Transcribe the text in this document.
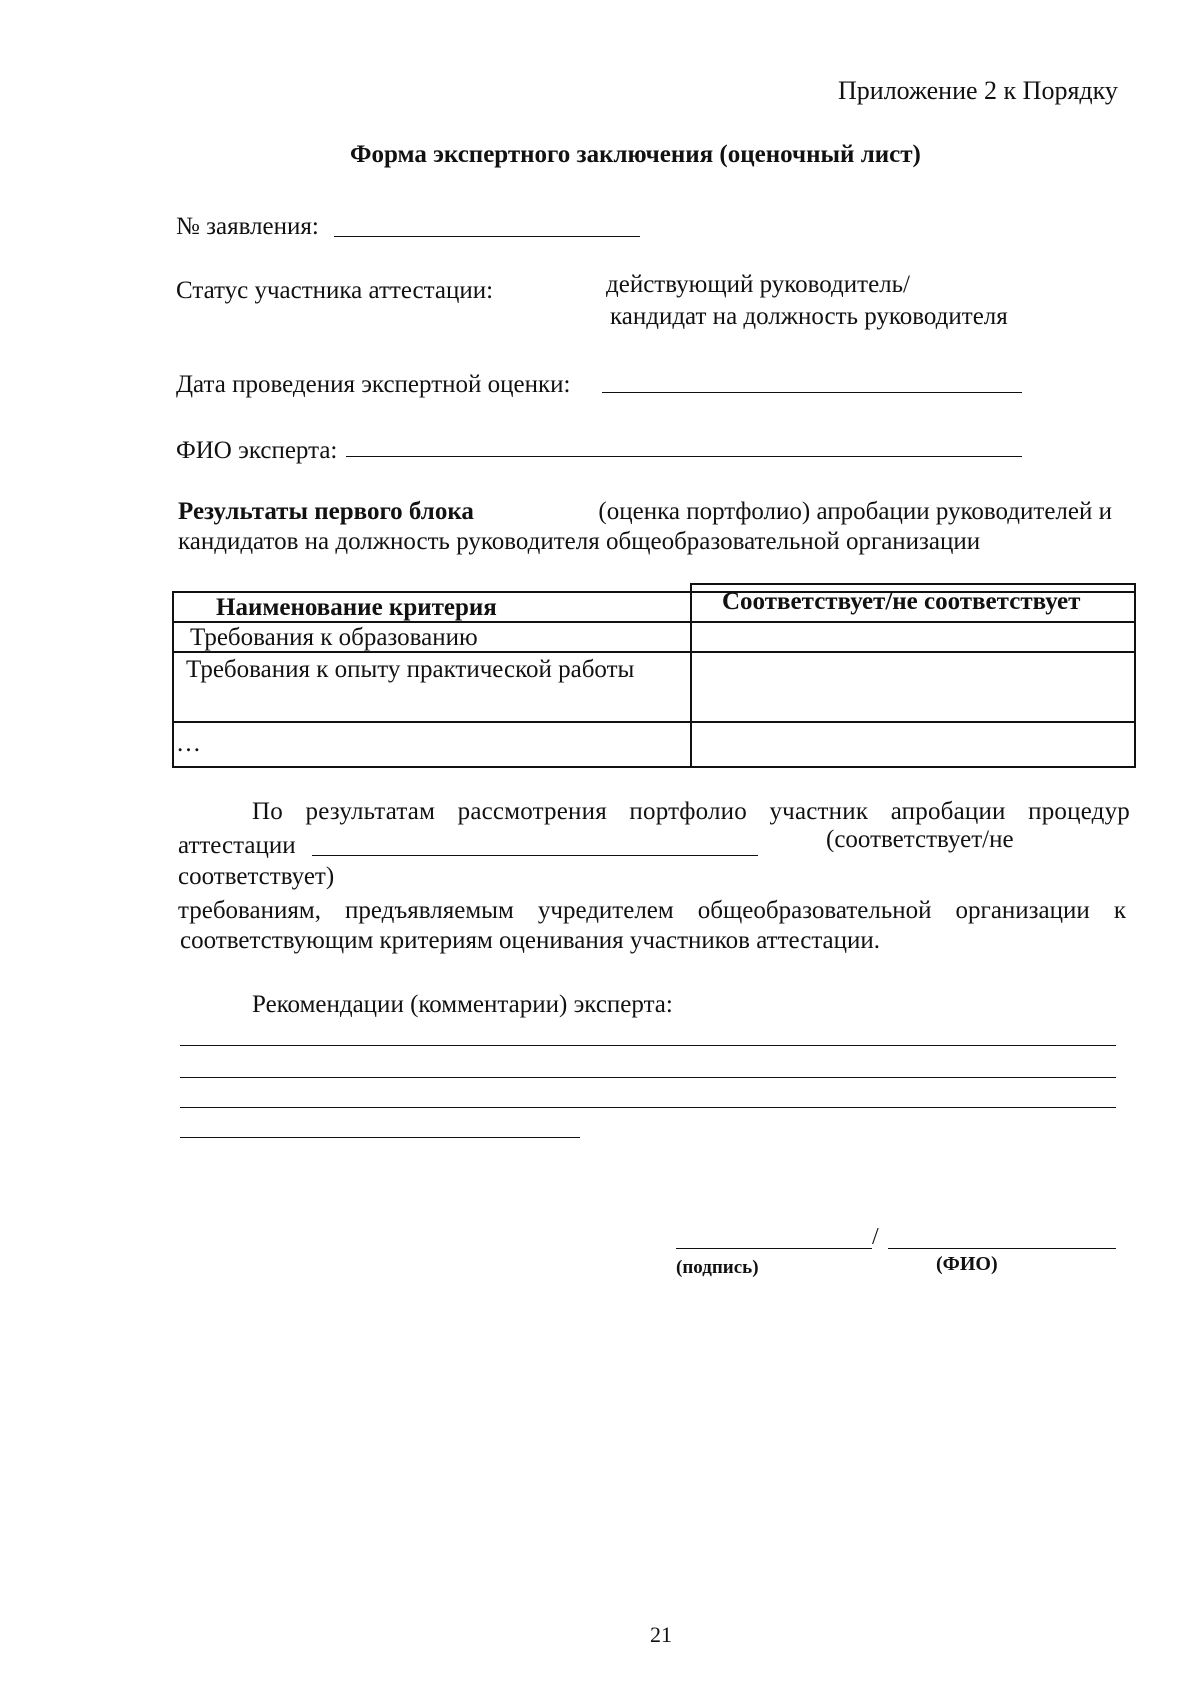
Приложение 2 к Порядку
Форма экспертного заключения (оценочный лист)
№ заявления:
Статус участника аттестации:	действующий руководитель/
кандидат на должность руководителя
Дата проведения экспертной оценки:
ФИО эксперта:
Результаты первого блока	(оценка портфолио) апробации руководителей и
кандидатов на должность руководителя общеобразовательной организации
Наименование критерия	Соответствует/не соответствует
Требования к образованию
Требования к опыту практической работы
…
По результатам рассмотрения портфолио участник апробации процедур
аттестации	(соответствует/не
соответствует)
требованиям, предъявляемым учредителем общеобразовательной организации к
соответствующим критериям оценивания участников аттестации.
Рекомендации (комментарии) эксперта:
/
(подпись)	(ФИО)
21
